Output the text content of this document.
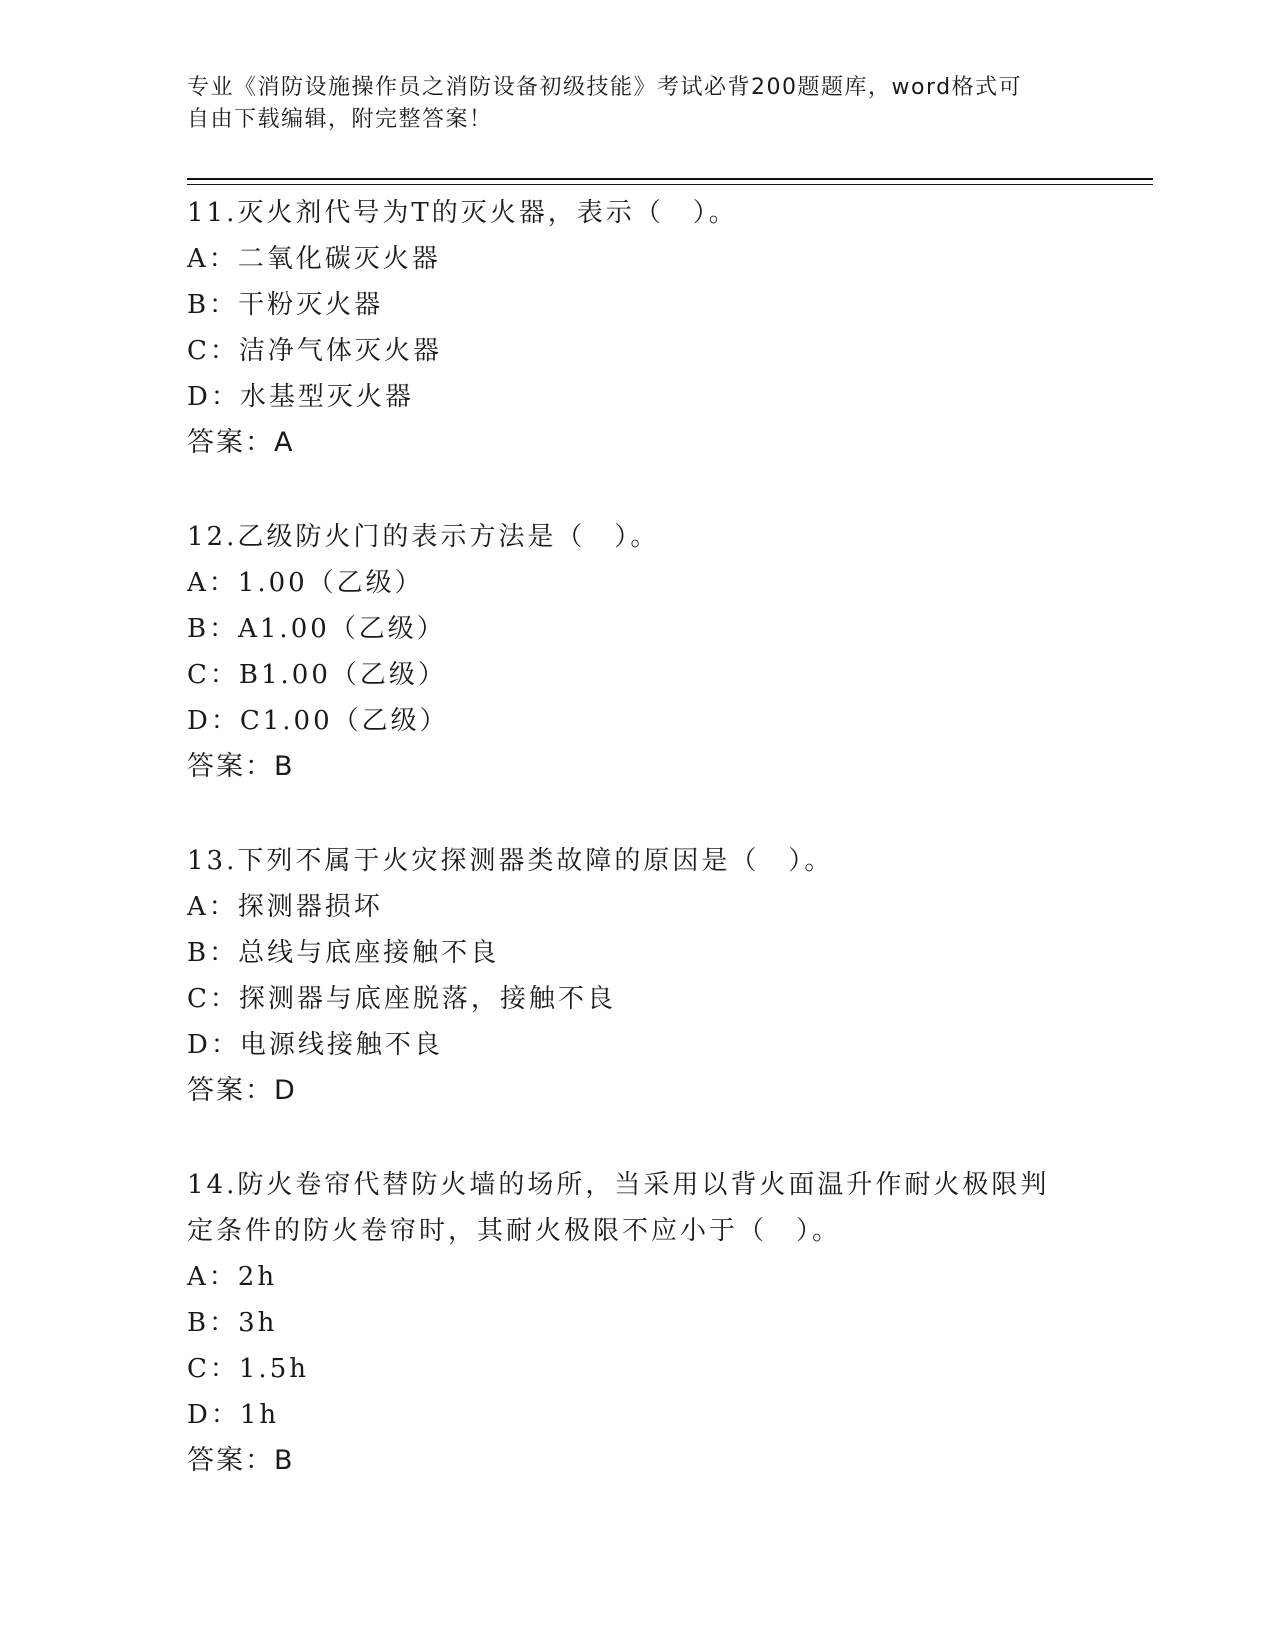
专业《消防设施操作员之消防设备初级技能》考试必背200题题库，word格式可
自由下载编辑，附完整答案！
11.灭火剂代号为T的灭火器，表示（　）。
A：二氧化碳灭火器
B：干粉灭火器
C：洁净气体灭火器
D：水基型灭火器
答案：A
12.乙级防火门的表示方法是（　）。
A：1.00（乙级）
B：A1.00（乙级）
C：B1.00（乙级）
D：C1.00（乙级）
答案：B
13.下列不属于火灾探测器类故障的原因是（　）。
A：探测器损坏
B：总线与底座接触不良
C：探测器与底座脱落，接触不良
D：电源线接触不良
答案：D
14.防火卷帘代替防火墙的场所，当采用以背火面温升作耐火极限判定条件的防火卷帘时，其耐火极限不应小于（　）。
A：2h
B：3h
C：1.5h
D：1h
答案：B
